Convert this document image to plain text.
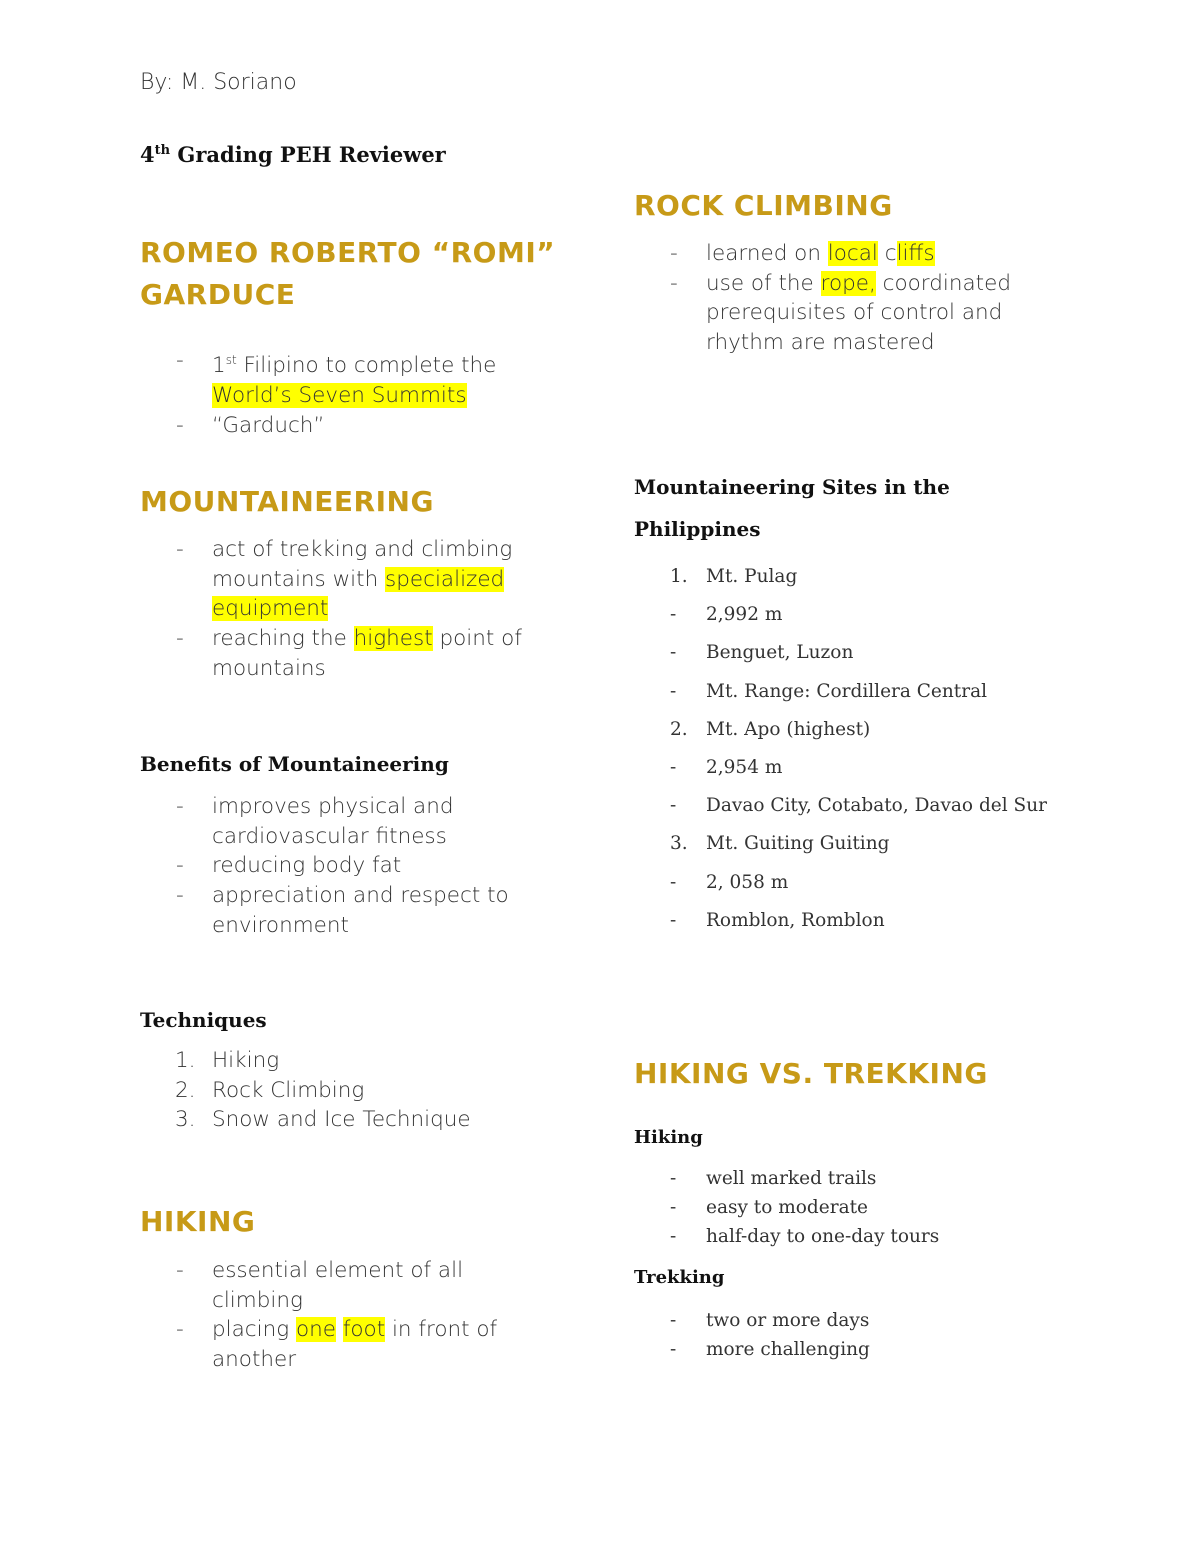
By: M. Soriano
4th Grading PEH Reviewer
ROMEO ROBERTO “ROMI”
GARDUCE
- 1st Filipino to complete the
World’s Seven Summits
- “Garduch”
MOUNTAINEERING
- act of trekking and climbing mountains with specialized equipment
- reaching the highest point of mountains
Benefits of Mountaineering
- improves physical and cardiovascular fitness
- reducing body fat
- appreciation and respect to environment
Techniques
1. Hiking
2. Rock Climbing
3. Snow and Ice Technique
HIKING
- essential element of all climbing
- placing one foot in front of another
ROCK CLIMBING
- learned on local cliffs
- use of the rope, coordinated prerequisites of control and rhythm are mastered
Mountaineering Sites in the
Philippines
1. Mt. Pulag
- 2,992 m
- Benguet, Luzon
- Mt. Range: Cordillera Central
2. Mt. Apo (highest)
- 2,954 m
- Davao City, Cotabato, Davao del Sur
3. Mt. Guiting Guiting
- 2, 058 m
- Romblon, Romblon
HIKING VS. TREKKING
Hiking
- well marked trails
- easy to moderate
- half-day to one-day tours
Trekking
- two or more days
- more challenging
